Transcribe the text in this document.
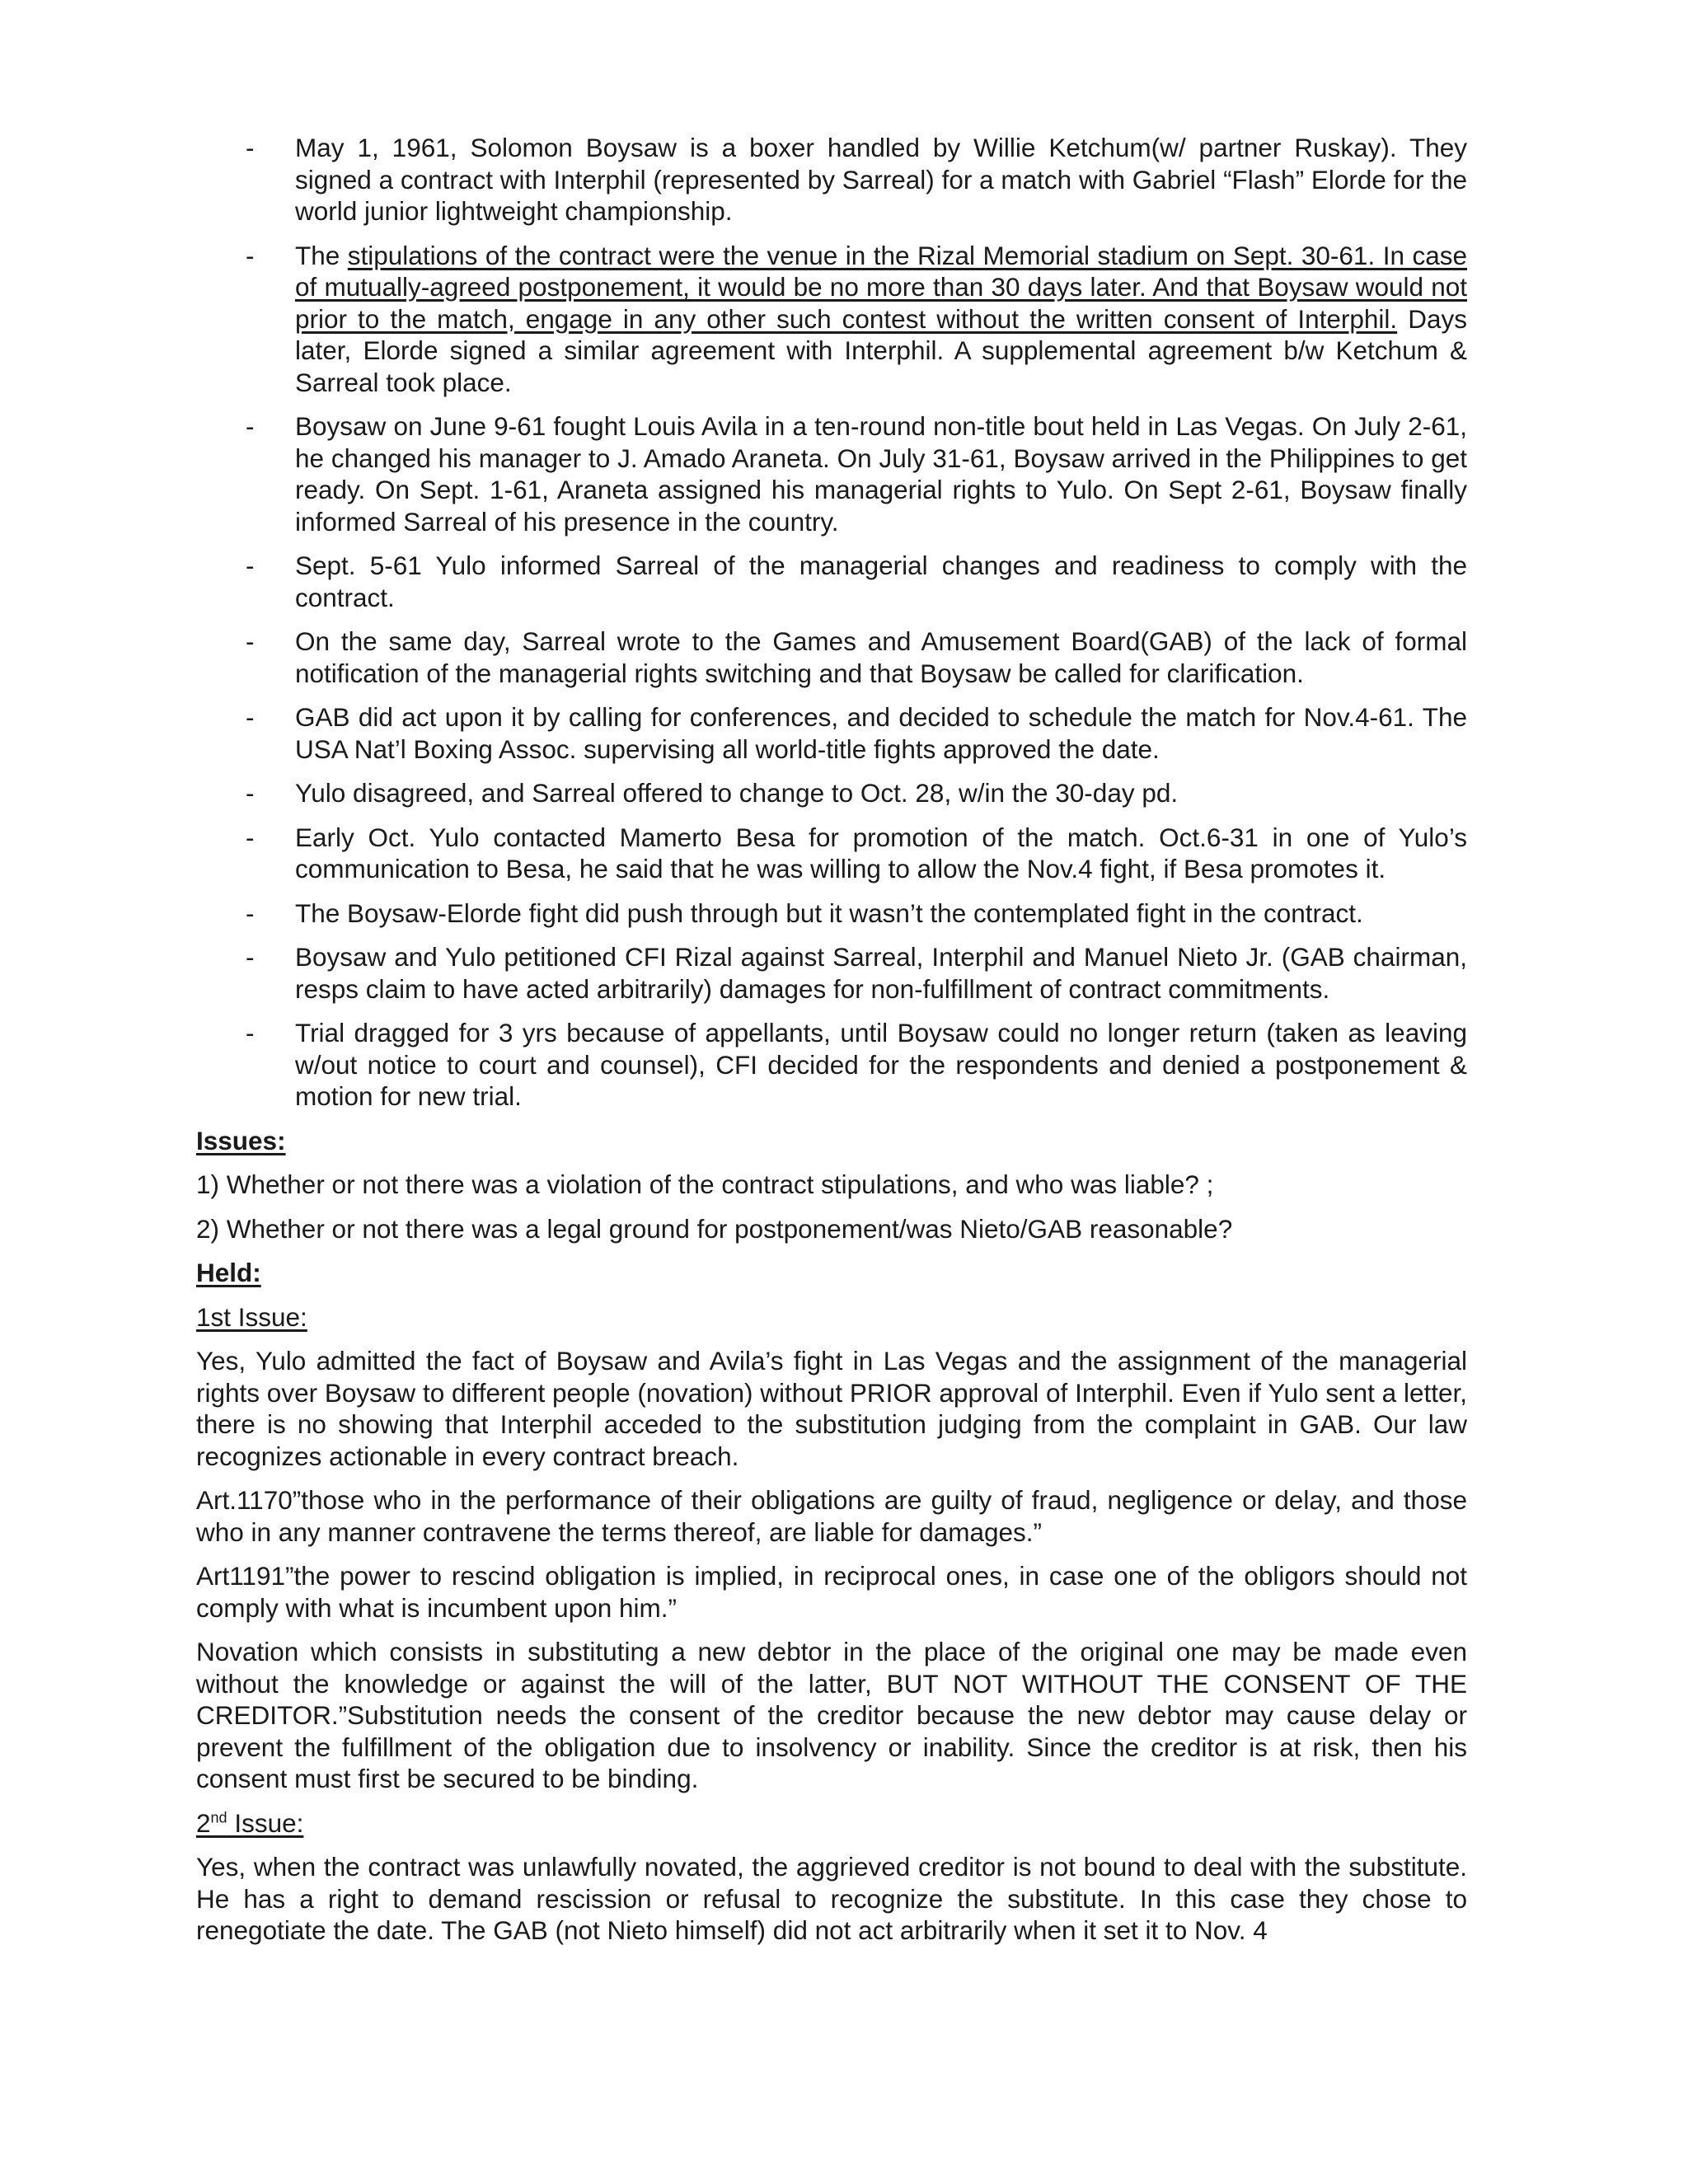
- May 1, 1961, Solomon Boysaw is a boxer handled by Willie Ketchum(w/ partner Ruskay). They signed a contract with Interphil (represented by Sarreal) for a match with Gabriel “Flash” Elorde for the world junior lightweight championship.
- The stipulations of the contract were the venue in the Rizal Memorial stadium on Sept. 30-61. In case of mutually-agreed postponement, it would be no more than 30 days later. And that Boysaw would not prior to the match, engage in any other such contest without the written consent of Interphil. Days later, Elorde signed a similar agreement with Interphil. A supplemental agreement b/w Ketchum & Sarreal took place.
- Boysaw on June 9-61 fought Louis Avila in a ten-round non-title bout held in Las Vegas. On July 2-61, he changed his manager to J. Amado Araneta. On July 31-61, Boysaw arrived in the Philippines to get ready. On Sept. 1-61, Araneta assigned his managerial rights to Yulo. On Sept 2-61, Boysaw finally informed Sarreal of his presence in the country.
- Sept. 5-61 Yulo informed Sarreal of the managerial changes and readiness to comply with the contract.
- On the same day, Sarreal wrote to the Games and Amusement Board(GAB) of the lack of formal notification of the managerial rights switching and that Boysaw be called for clarification.
- GAB did act upon it by calling for conferences, and decided to schedule the match for Nov.4-61. The USA Nat’l Boxing Assoc. supervising all world-title fights approved the date.
- Yulo disagreed, and Sarreal offered to change to Oct. 28, w/in the 30-day pd.
- Early Oct. Yulo contacted Mamerto Besa for promotion of the match. Oct.6-31 in one of Yulo’s communication to Besa, he said that he was willing to allow the Nov.4 fight, if Besa promotes it.
- The Boysaw-Elorde fight did push through but it wasn’t the contemplated fight in the contract.
- Boysaw and Yulo petitioned CFI Rizal against Sarreal, Interphil and Manuel Nieto Jr. (GAB chairman, resps claim to have acted arbitrarily) damages for non-fulfillment of contract commitments.
- Trial dragged for 3 yrs because of appellants, until Boysaw could no longer return (taken as leaving w/out notice to court and counsel), CFI decided for the respondents and denied a postponement & motion for new trial.
Issues:
1) Whether or not there was a violation of the contract stipulations, and who was liable? ;
2) Whether or not there was a legal ground for postponement/was Nieto/GAB reasonable?
Held:
1st Issue:

Yes, Yulo admitted the fact of Boysaw and Avila’s fight in Las Vegas and the assignment of the managerial rights over Boysaw to different people (novation) without PRIOR approval of Interphil. Even if Yulo sent a letter, there is no showing that Interphil acceded to the substitution judging from the complaint in GAB. Our law recognizes actionable in every contract breach.

Art.1170”those who in the performance of their obligations are guilty of fraud, negligence or delay, and those who in any manner contravene the terms thereof, are liable for damages.”

Art1191”the power to rescind obligation is implied, in reciprocal ones, in case one of the obligors should not comply with what is incumbent upon him.”

Novation which consists in substituting a new debtor in the place of the original one may be made even without the knowledge or against the will of the latter, BUT NOT WITHOUT THE CONSENT OF THE CREDITOR.”Substitution needs the consent of the creditor because the new debtor may cause delay or prevent the fulfillment of the obligation due to insolvency or inability. Since the creditor is at risk, then his consent must first be secured to be binding.

2nd Issue:

Yes, when the contract was unlawfully novated, the aggrieved creditor is not bound to deal with the substitute. He has a right to demand rescission or refusal to recognize the substitute. In this case they chose to renegotiate the date. The GAB (not Nieto himself) did not act arbitrarily when it set it to Nov. 4
